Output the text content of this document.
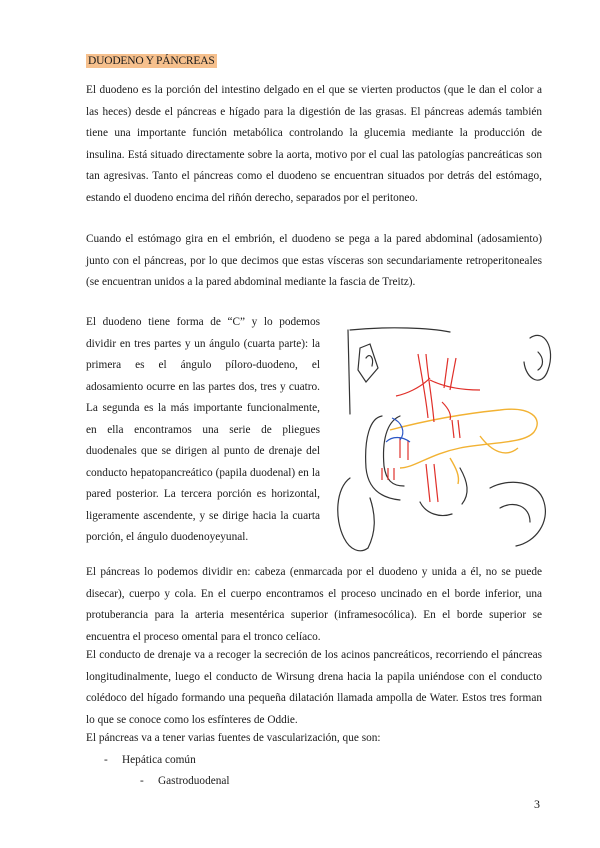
DUODENO Y PÁNCREAS

El duodeno es la porción del intestino delgado en el que se vierten productos (que le dan el color a las heces) desde el páncreas e hígado para la digestión de las grasas. El páncreas además también tiene una importante función metabólica controlando la glucemia mediante la producción de insulina. Está situado directamente sobre la aorta, motivo por el cual las patologías pancreáticas son tan agresivas. Tanto el páncreas como el duodeno se encuentran situados por detrás del estómago, estando el duodeno encima del riñón derecho, separados por el peritoneo.

Cuando el estómago gira en el embrión, el duodeno se pega a la pared abdominal (adosamiento) junto con el páncreas, por lo que decimos que estas vísceras son secundariamente retroperitoneales (se encuentran unidos a la pared abdominal mediante la fascia de Treitz).

El duodeno tiene forma de “C” y lo podemos dividir en tres partes y un ángulo (cuarta parte): la primera es el ángulo píloro-duodeno, el adosamiento ocurre en las partes dos, tres y cuatro. La segunda es la más importante funcionalmente, en ella encontramos una serie de pliegues duodenales que se dirigen al punto de drenaje del conducto hepatopancreático (papila duodenal) en la pared posterior. La tercera porción es horizontal, ligeramente ascendente, y se dirige hacia la cuarta porción, el ángulo duodenoyeyunal.

El páncreas lo podemos dividir en: cabeza (enmarcada por el duodeno y unida a él, no se puede disecar), cuerpo y cola. En el cuerpo encontramos el proceso uncinado en el borde inferior, una protuberancia para la arteria mesentérica superior (inframesocólica). En el borde superior se encuentra el proceso omental para el tronco celíaco.

El conducto de drenaje va a recoger la secreción de los acinos pancreáticos, recorriendo el páncreas longitudinalmente, luego el conducto de Wirsung drena hacia la papila uniéndose con el conducto colédoco del hígado formando una pequeña dilatación llamada ampolla de Water. Estos tres forman lo que se conoce como los esfínteres de Oddie.

El páncreas va a tener varias fuentes de vascularización, que son:

- Hepática común
- Gastroduodenal
3
